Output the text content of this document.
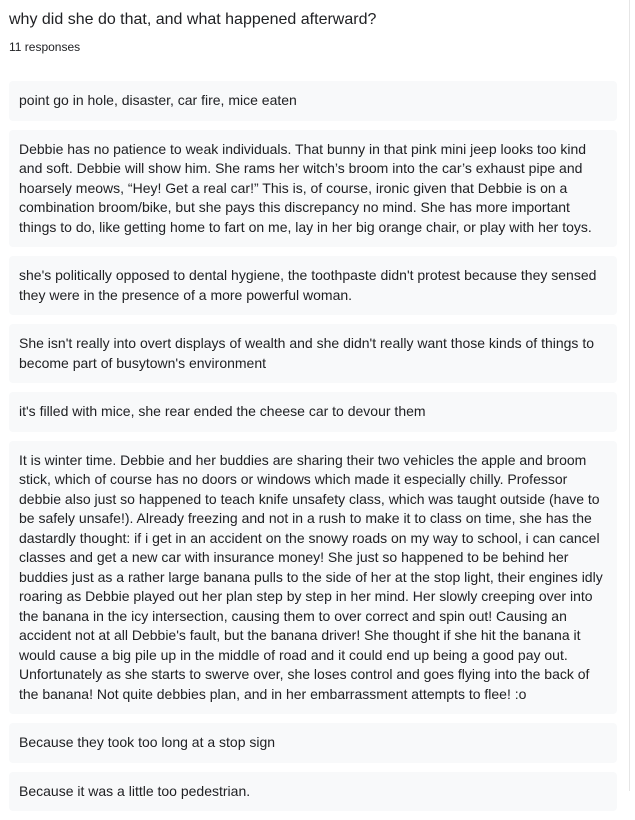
why did she do that, and what happened afterward?
11 responses
point go in hole, disaster, car fire, mice eaten
Debbie has no patience to weak individuals. That bunny in that pink mini jeep looks too kind and soft. Debbie will show him. She rams her witch’s broom into the car’s exhaust pipe and hoarsely meows, “Hey! Get a real car!” This is, of course, ironic given that Debbie is on a combination broom/bike, but she pays this discrepancy no mind. She has more important things to do, like getting home to fart on me, lay in her big orange chair, or play with her toys.
she's politically opposed to dental hygiene, the toothpaste didn't protest because they sensed they were in the presence of a more powerful woman.
She isn't really into overt displays of wealth and she didn't really want those kinds of things to become part of busytown's environment
it's filled with mice, she rear ended the cheese car to devour them
It is winter time. Debbie and her buddies are sharing their two vehicles the apple and broom stick, which of course has no doors or windows which made it especially chilly. Professor debbie also just so happened to teach knife unsafety class, which was taught outside (have to be safely unsafe!). Already freezing and not in a rush to make it to class on time, she has the dastardly thought: if i get in an accident on the snowy roads on my way to school, i can cancel classes and get a new car with insurance money! She just so happened to be behind her buddies just as a rather large banana pulls to the side of her at the stop light, their engines idly roaring as Debbie played out her plan step by step in her mind. Her slowly creeping over into the banana in the icy intersection, causing them to over correct and spin out! Causing an accident not at all Debbie's fault, but the banana driver! She thought if she hit the banana it would cause a big pile up in the middle of road and it could end up being a good pay out. Unfortunately as she starts to swerve over, she loses control and goes flying into the back of the banana! Not quite debbies plan, and in her embarrassment attempts to flee! :o
Because they took too long at a stop sign
Because it was a little too pedestrian.
